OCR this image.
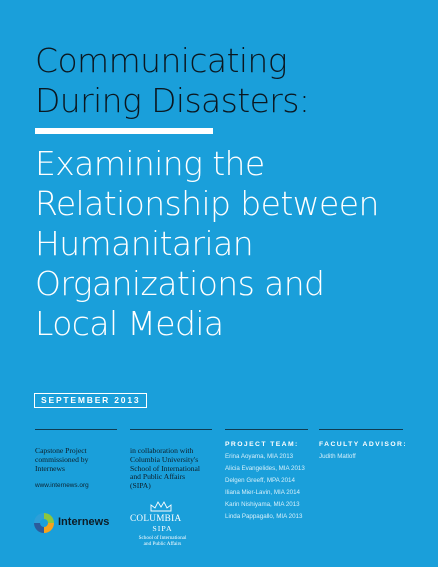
Communicating
During Disasters:
Examining the
Relationship between
Humanitarian
Organizations and
Local Media
SEPTEMBER 2013
Capstone Project
commissioned by
Internews
www.internews.org
Internews
in collaboration with
Columbia University's
School of International
and Public Affairs
(SIPA)
COLUMBIA
SIPA
School of International
and Public Affairs
PROJECT TEAM:
Erina Aoyama, MIA 2013
Alicia Evangelides, MIA 2013
Delgen Greeff, MPA 2014
Iliana Mier-Lavin, MIA 2014
Karin Nishiyama, MIA 2013
Linda Pappagallo, MIA 2013
FACULTY ADVISOR:
Judith Matloff
